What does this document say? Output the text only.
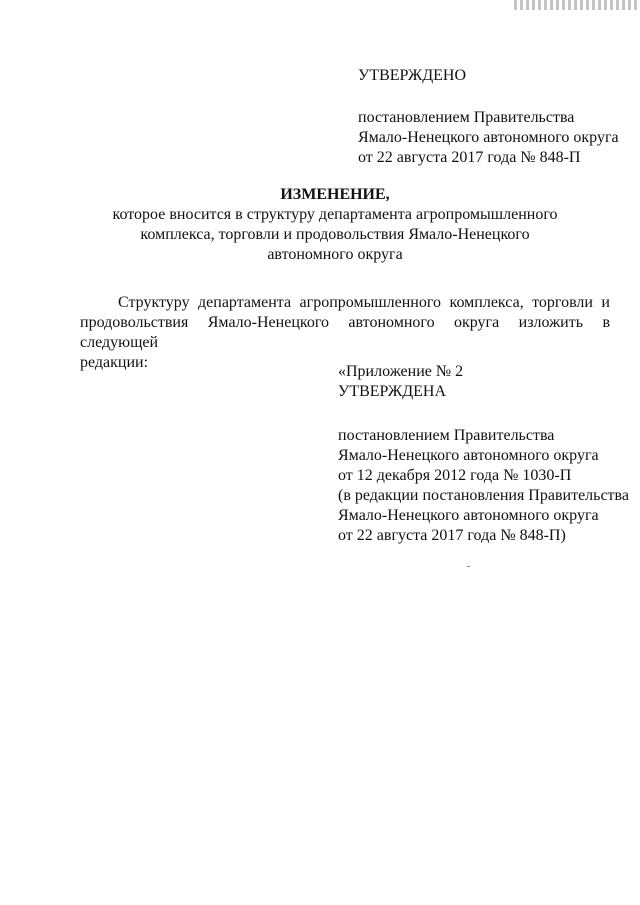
УТВЕРЖДЕНО
постановлением Правительства
Ямало-Ненецкого автономного округа
от 22 августа 2017 года № 848-П
ИЗМЕНЕНИЕ,
которое вносится в структуру департамента агропромышленного
комплекса, торговли и продовольствия Ямало-Ненецкого
автономного округа
Структуру департамента агропромышленного комплекса, торговли и
продовольствия Ямало-Ненецкого автономного округа изложить в следующей
редакции:
«Приложение № 2
УТВЕРЖДЕНА
постановлением Правительства
Ямало-Ненецкого автономного округа
от 12 декабря 2012 года № 1030-П
(в редакции постановления Правительства
Ямало-Ненецкого автономного округа
от 22 августа 2017 года № 848-П)
